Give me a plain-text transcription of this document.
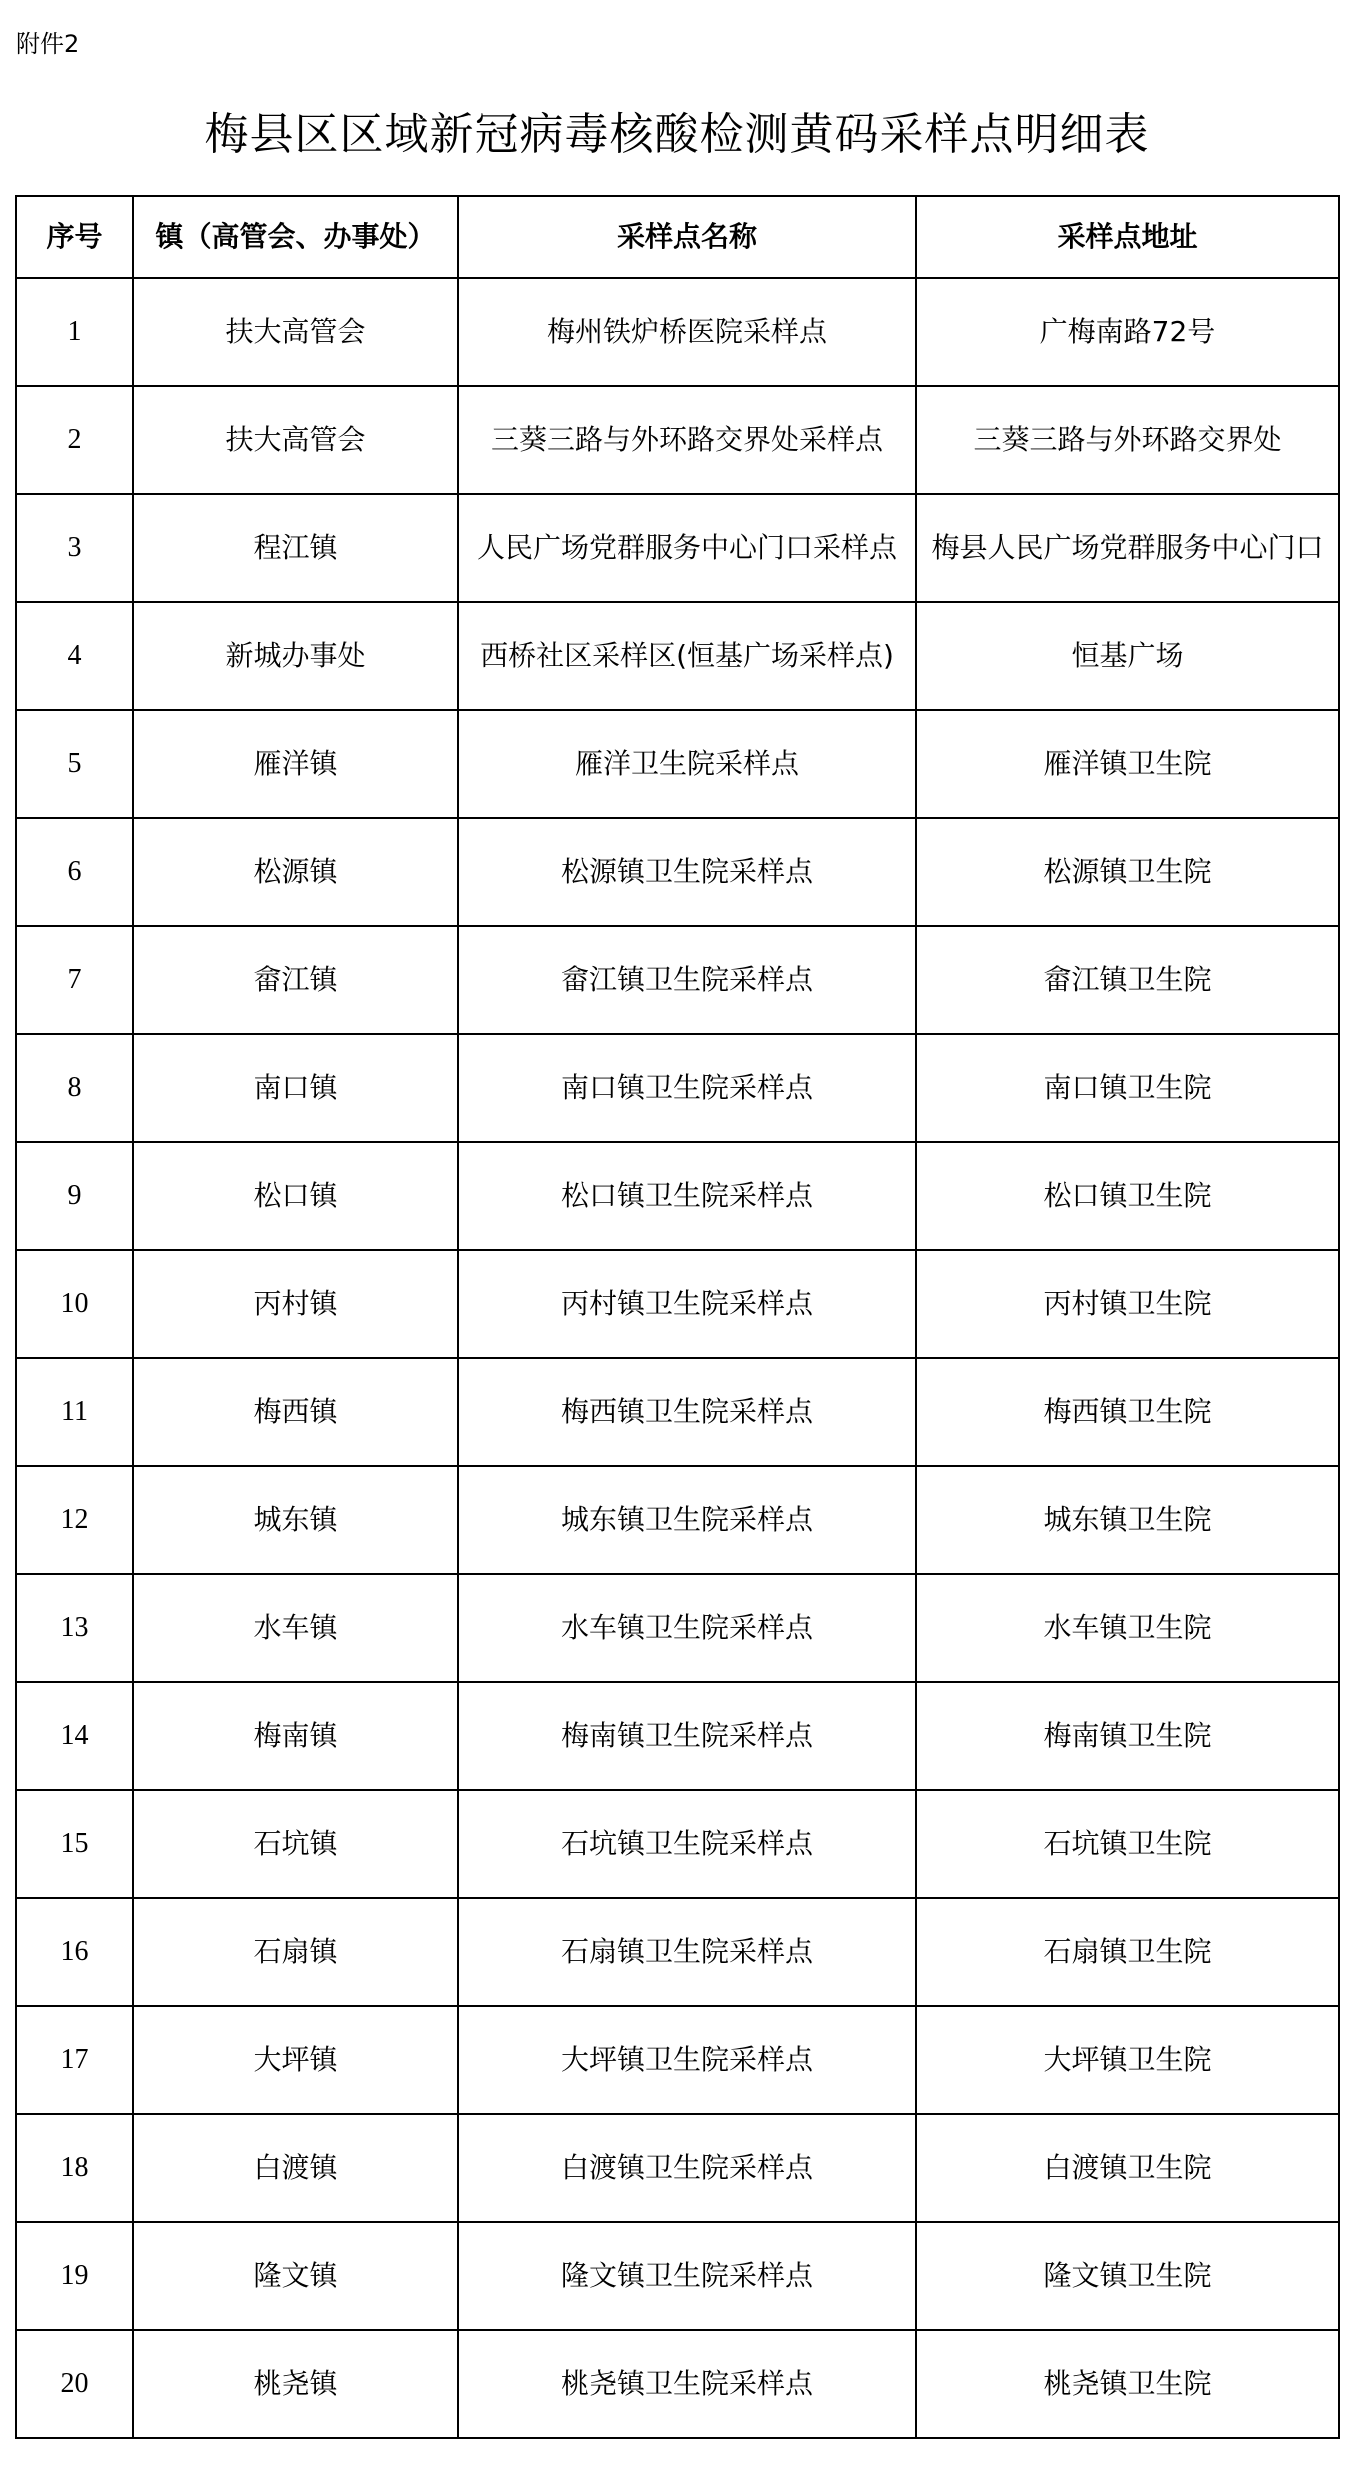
附件2
梅县区区域新冠病毒核酸检测黄码采样点明细表
序号	镇（高管会、办事处）	采样点名称	采样点地址
1	扶大高管会	梅州铁炉桥医院采样点	广梅南路72号
2	扶大高管会	三葵三路与外环路交界处采样点	三葵三路与外环路交界处
3	程江镇	人民广场党群服务中心门口采样点	梅县人民广场党群服务中心门口
4	新城办事处	西桥社区采样区(恒基广场采样点)	恒基广场
5	雁洋镇	雁洋卫生院采样点	雁洋镇卫生院
6	松源镇	松源镇卫生院采样点	松源镇卫生院
7	畲江镇	畲江镇卫生院采样点	畲江镇卫生院
8	南口镇	南口镇卫生院采样点	南口镇卫生院
9	松口镇	松口镇卫生院采样点	松口镇卫生院
10	丙村镇	丙村镇卫生院采样点	丙村镇卫生院
11	梅西镇	梅西镇卫生院采样点	梅西镇卫生院
12	城东镇	城东镇卫生院采样点	城东镇卫生院
13	水车镇	水车镇卫生院采样点	水车镇卫生院
14	梅南镇	梅南镇卫生院采样点	梅南镇卫生院
15	石坑镇	石坑镇卫生院采样点	石坑镇卫生院
16	石扇镇	石扇镇卫生院采样点	石扇镇卫生院
17	大坪镇	大坪镇卫生院采样点	大坪镇卫生院
18	白渡镇	白渡镇卫生院采样点	白渡镇卫生院
19	隆文镇	隆文镇卫生院采样点	隆文镇卫生院
20	桃尧镇	桃尧镇卫生院采样点	桃尧镇卫生院
